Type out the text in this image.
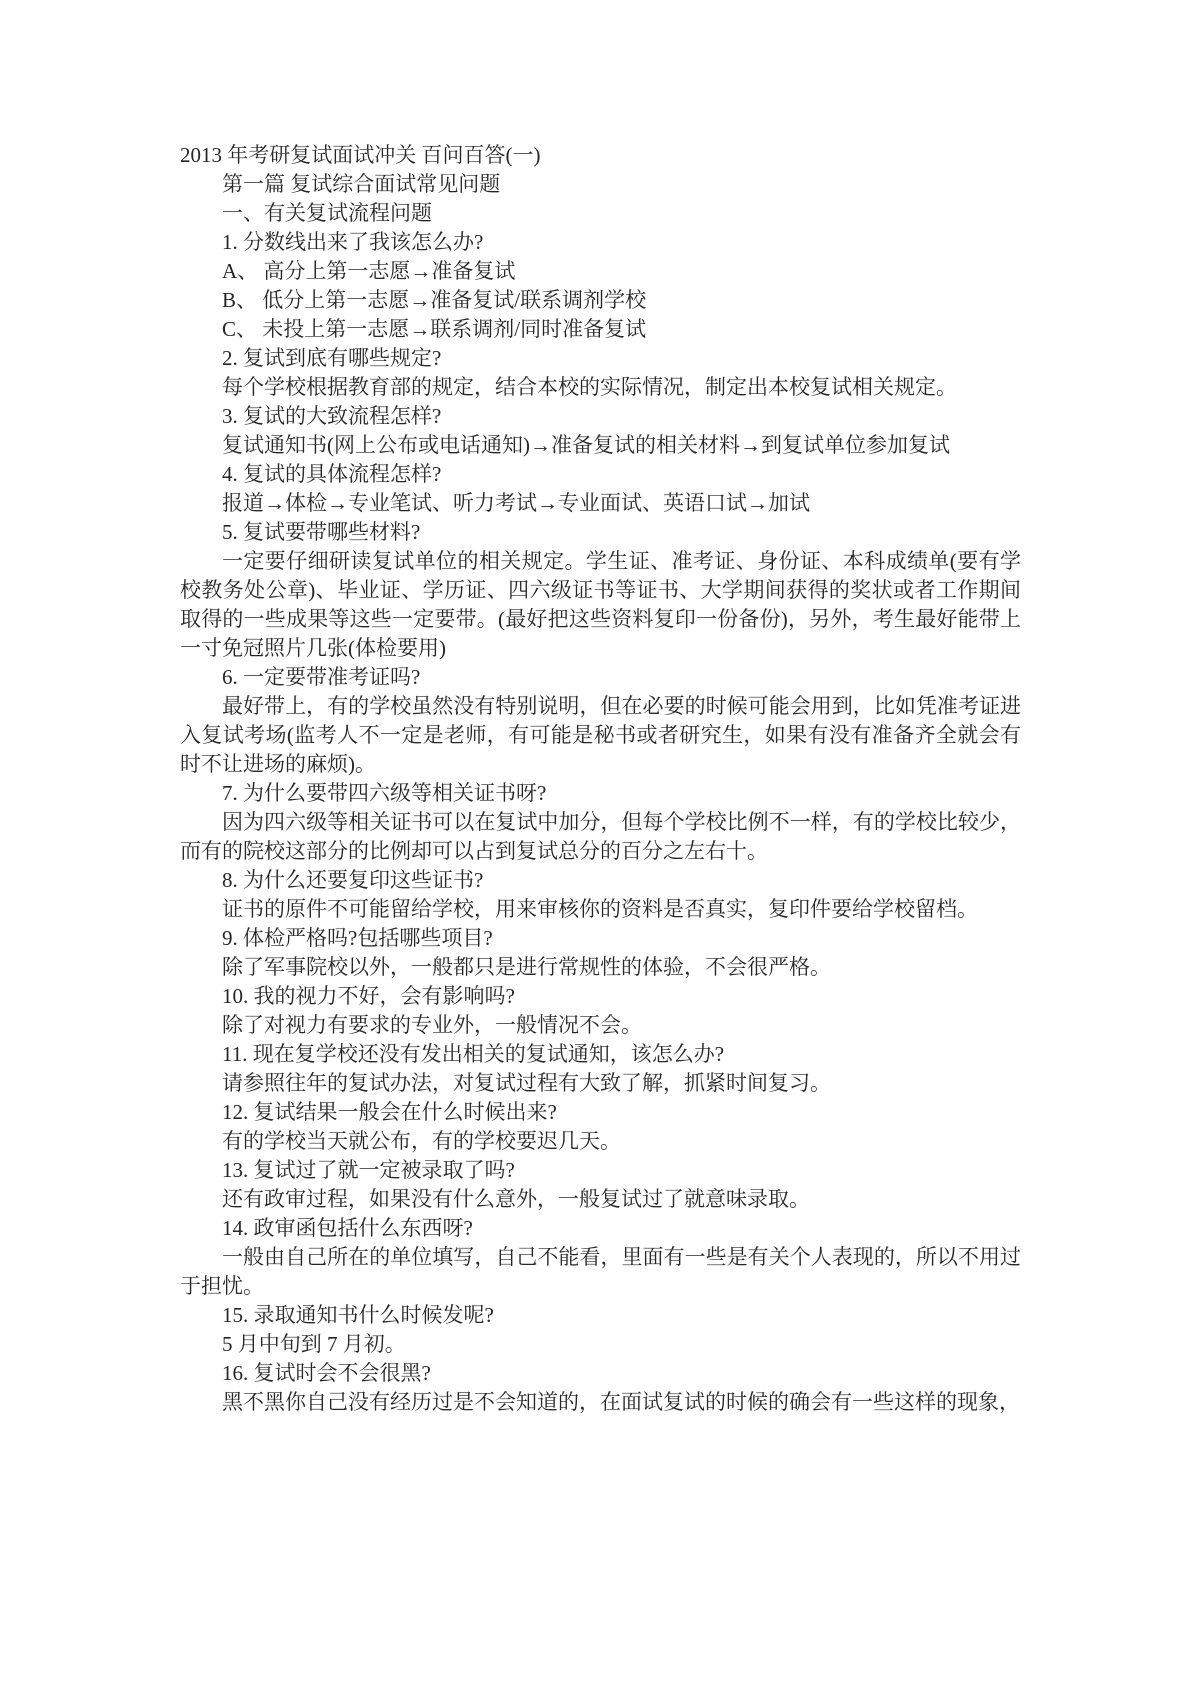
2013 年考研复试面试冲关 百问百答(一)

第一篇 复试综合面试常见问题

一、有关复试流程问题

1. 分数线出来了我该怎么办?

A、 高分上第一志愿→准备复试

B、 低分上第一志愿→准备复试/联系调剂学校

C、 未投上第一志愿→联系调剂/同时准备复试

2. 复试到底有哪些规定?

每个学校根据教育部的规定，结合本校的实际情况，制定出本校复试相关规定。

3. 复试的大致流程怎样?

复试通知书(网上公布或电话通知)→准备复试的相关材料→到复试单位参加复试

4. 复试的具体流程怎样?

报道→体检→专业笔试、听力考试→专业面试、英语口试→加试

5. 复试要带哪些材料?

一定要仔细研读复试单位的相关规定。学生证、准考证、身份证、本科成绩单(要有学校教务处公章)、毕业证、学历证、四六级证书等证书、大学期间获得的奖状或者工作期间取得的一些成果等这些一定要带。(最好把这些资料复印一份备份)，另外，考生最好能带上一寸免冠照片几张(体检要用)

6. 一定要带准考证吗?

最好带上，有的学校虽然没有特别说明，但在必要的时候可能会用到，比如凭准考证进入复试考场(监考人不一定是老师，有可能是秘书或者研究生，如果有没有准备齐全就会有时不让进场的麻烦)。

7. 为什么要带四六级等相关证书呀?

因为四六级等相关证书可以在复试中加分，但每个学校比例不一样，有的学校比较少，而有的院校这部分的比例却可以占到复试总分的百分之左右十。

8. 为什么还要复印这些证书?

证书的原件不可能留给学校，用来审核你的资料是否真实，复印件要给学校留档。

9. 体检严格吗?包括哪些项目?

除了军事院校以外，一般都只是进行常规性的体验，不会很严格。

10. 我的视力不好，会有影响吗?

除了对视力有要求的专业外，一般情况不会。

11. 现在复学校还没有发出相关的复试通知，该怎么办?

请参照往年的复试办法，对复试过程有大致了解，抓紧时间复习。

12. 复试结果一般会在什么时候出来?

有的学校当天就公布，有的学校要迟几天。

13. 复试过了就一定被录取了吗?

还有政审过程，如果没有什么意外，一般复试过了就意味录取。

14. 政审函包括什么东西呀?

一般由自己所在的单位填写，自己不能看，里面有一些是有关个人表现的，所以不用过于担忧。

15. 录取通知书什么时候发呢?

5 月中旬到 7 月初。

16. 复试时会不会很黑?

黑不黑你自己没有经历过是不会知道的，在面试复试的时候的确会有一些这样的现象，
